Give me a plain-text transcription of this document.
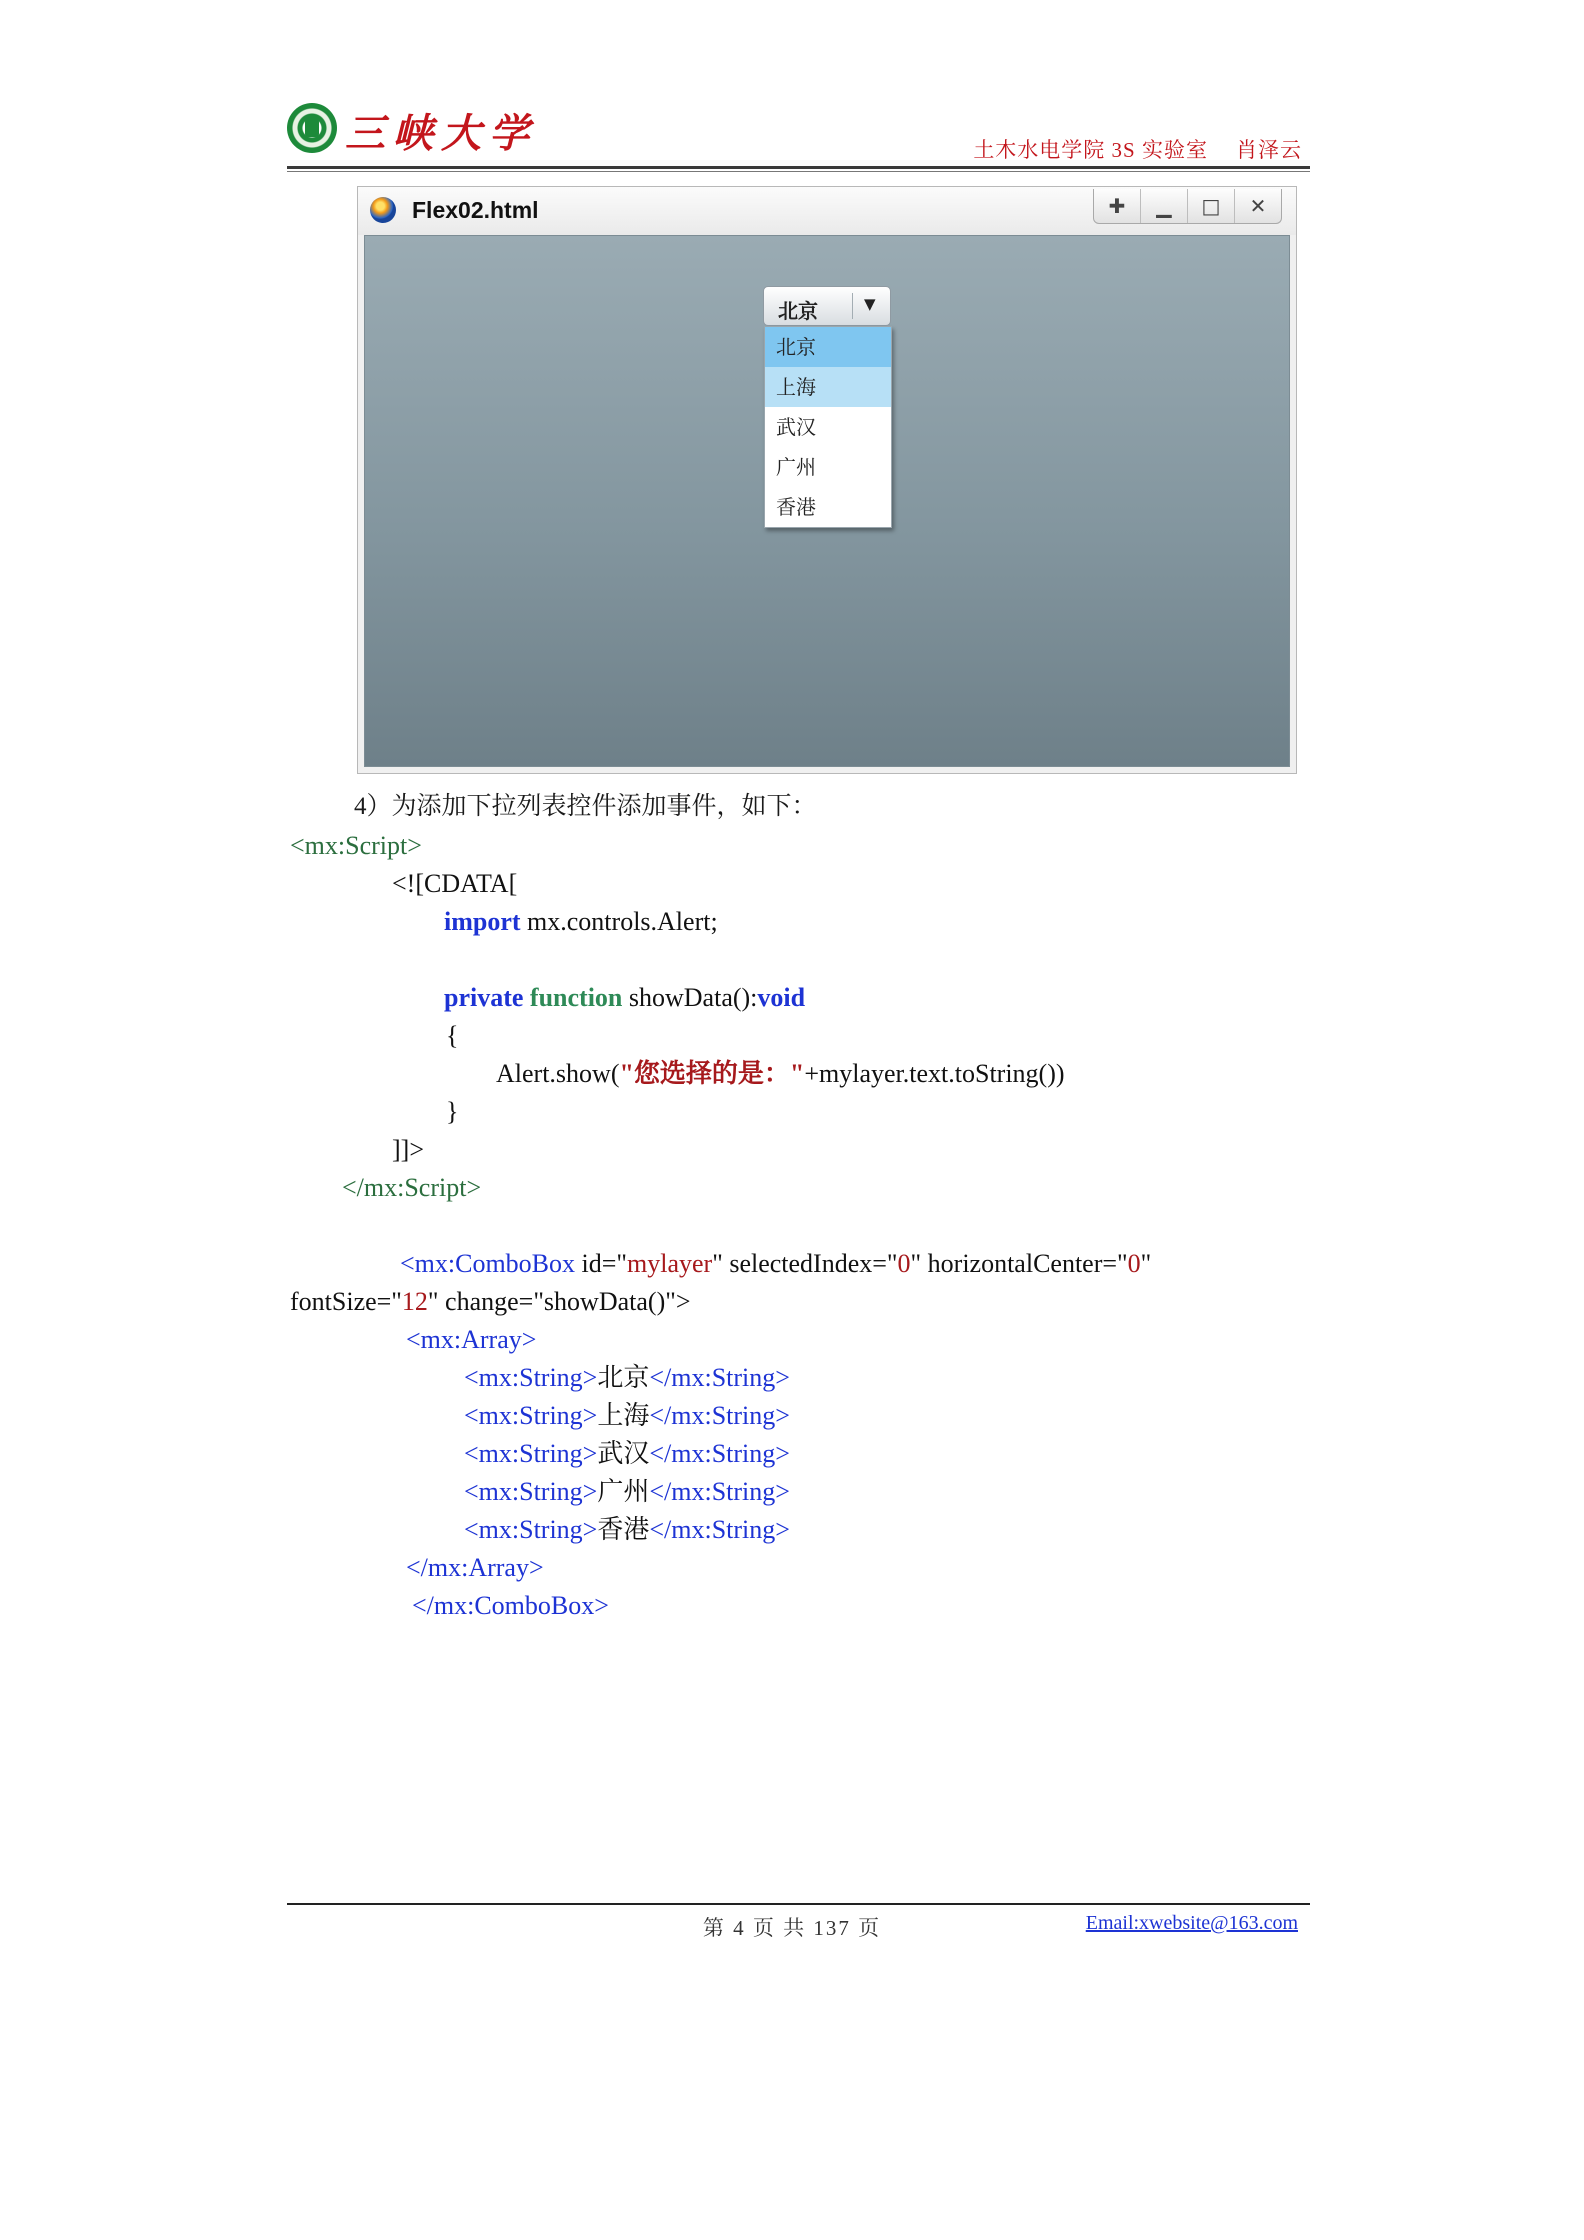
三峡大学	土木水电学院 3S 实验室 肖泽云
Flex02.html	✚	▁	□	✕
北京	▼
北京
上海
武汉
广州
香港
4）为添加下拉列表控件添加事件，如下：
<mx:Script>
<![CDATA[
import mx.controls.Alert;
private function showData():void
{
Alert.show("您选择的是："+mylayer.text.toString())
}
]]>
</mx:Script>
<mx:ComboBox id="mylayer" selectedIndex="0" horizontalCenter="0"
fontSize="12" change="showData()">
<mx:Array>
<mx:String>北京</mx:String>
<mx:String>上海</mx:String>
<mx:String>武汉</mx:String>
<mx:String>广州</mx:String>
<mx:String>香港</mx:String>
</mx:Array>
</mx:ComboBox>
第 4 页 共 137 页	Email:xwebsite@163.com
